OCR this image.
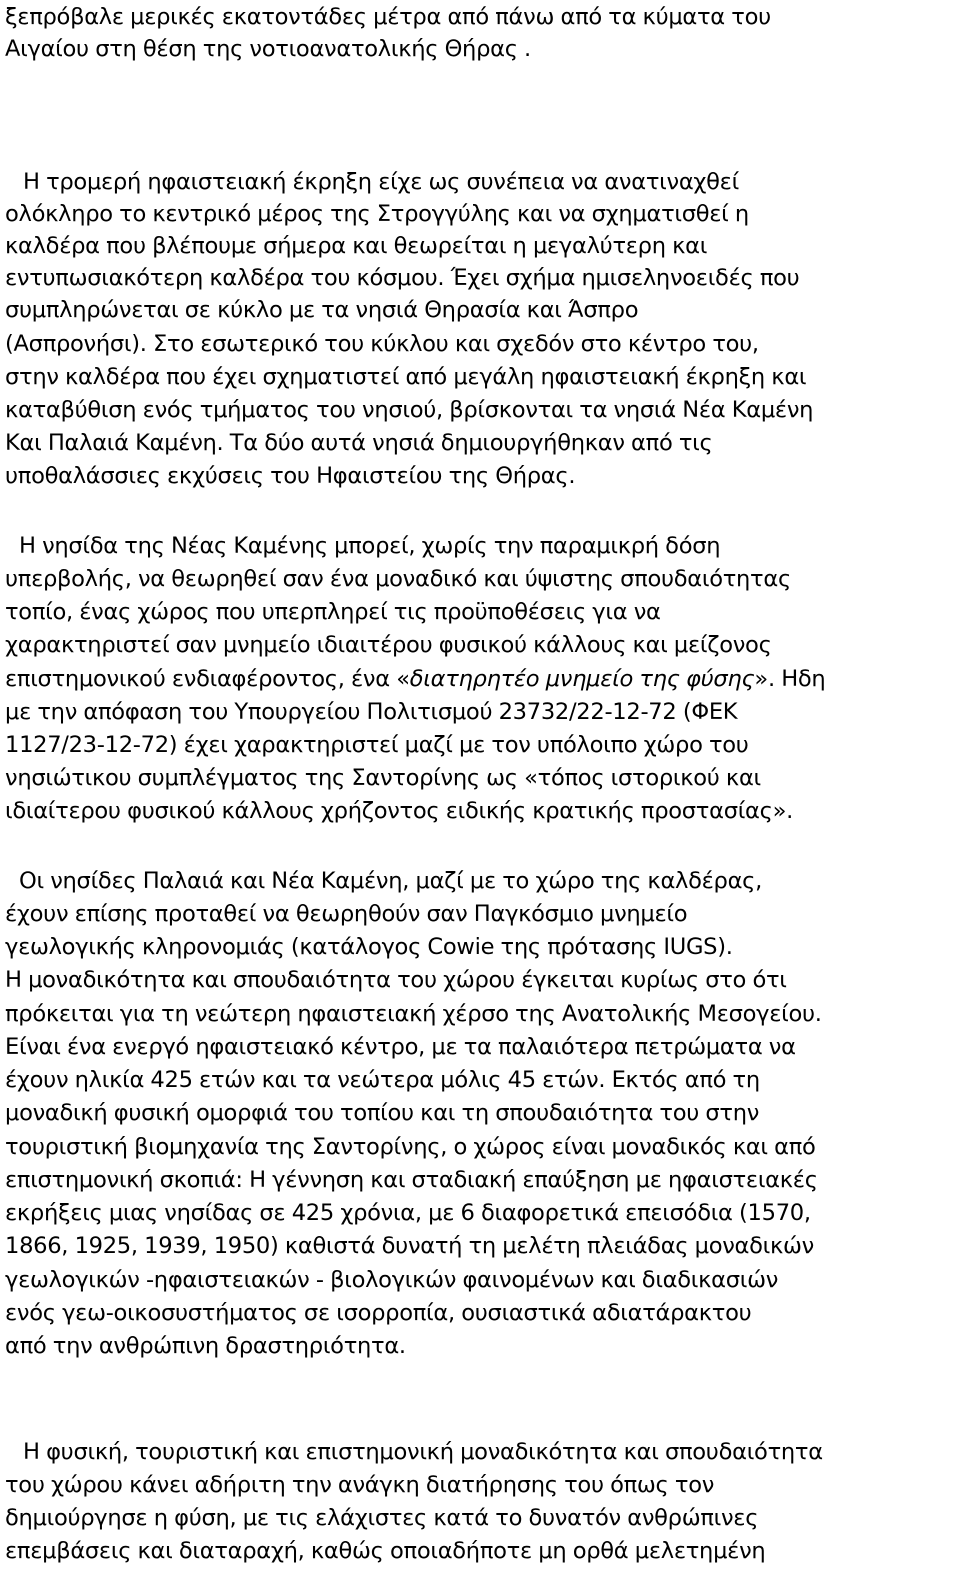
ξεπρόβαλε μερικές εκατοντάδες μέτρα από πάνω από τα κύματα του
Αιγαίου στη θέση της νοτιοανατολικής Θήρας .
Η τρομερή ηφαιστειακή έκρηξη είχε ως συνέπεια να ανατιναχθεί
ολόκληρο το κεντρικό μέρος της Στρογγύλης και να σχηματισθεί η
καλδέρα που βλέπουμε σήμερα και θεωρείται η μεγαλύτερη και
εντυπωσιακότερη καλδέρα του κόσμου. Έχει σχήμα ημισεληνοειδές που
συμπληρώνεται σε κύκλο με τα νησιά Θηρασία και Άσπρο
(Ασπρονήσι). Στο εσωτερικό του κύκλου και σχεδόν στο κέντρο του,
στην καλδέρα που έχει σχηματιστεί από μεγάλη ηφαιστειακή έκρηξη και
καταβύθιση ενός τμήματος του νησιού, βρίσκονται τα νησιά Νέα Καμένη
Και Παλαιά Καμένη. Τα δύο αυτά νησιά δημιουργήθηκαν από τις
υποθαλάσσιες εκχύσεις του Ηφαιστείου της Θήρας.
Η νησίδα της Νέας Καμένης μπορεί, χωρίς την παραμικρή δόση
υπερβολής, να θεωρηθεί σαν ένα μοναδικό και ύψιστης σπουδαιότητας
τοπίο, ένας χώρος που υπερπληρεί τις προϋποθέσεις για να
χαρακτηριστεί σαν μνημείο ιδιαιτέρου φυσικού κάλλους και μείζονος
επιστημονικού ενδιαφέροντος, ένα «διατηρητέο μνημείο της φύσης». Ηδη
με την απόφαση του Υπουργείου Πολιτισμού 23732/22-12-72 (ΦΕΚ
1127/23-12-72) έχει χαρακτηριστεί μαζί με τον υπόλοιπο χώρο του
νησιώτικου συμπλέγματος της Σαντορίνης ως «τόπος ιστορικού και
ιδιαίτερου φυσικού κάλλους χρήζοντος ειδικής κρατικής προστασίας».
Οι νησίδες Παλαιά και Νέα Καμένη, μαζί με το χώρο της καλδέρας,
έχουν επίσης προταθεί να θεωρηθούν σαν Παγκόσμιο μνημείο
γεωλογικής κληρονομιάς (κατάλογος Cowie της πρότασης IUGS).
Η μοναδικότητα και σπουδαιότητα του χώρου έγκειται κυρίως στο ότι
πρόκειται για τη νεώτερη ηφαιστειακή χέρσο της Ανατολικής Μεσογείου.
Είναι ένα ενεργό ηφαιστειακό κέντρο, με τα παλαιότερα πετρώματα να
έχουν ηλικία 425 ετών και τα νεώτερα μόλις 45 ετών. Εκτός από τη
μοναδική φυσική ομορφιά του τοπίου και τη σπουδαιότητα του στην
τουριστική βιομηχανία της Σαντορίνης, ο χώρος είναι μοναδικός και από
επιστημονική σκοπιά: Η γέννηση και σταδιακή επαύξηση με ηφαιστειακές
εκρήξεις μιας νησίδας σε 425 χρόνια, με 6 διαφορετικά επεισόδια (1570,
1866, 1925, 1939, 1950) καθιστά δυνατή τη μελέτη πλειάδας μοναδικών
γεωλογικών -ηφαιστειακών - βιολογικών φαινομένων και διαδικασιών
ενός γεω-οικοσυστήματος σε ισορροπία, ουσιαστικά αδιατάρακτου
από την ανθρώπινη δραστηριότητα.
Η φυσική, τουριστική και επιστημονική μοναδικότητα και σπουδαιότητα
του χώρου κάνει αδήριτη την ανάγκη διατήρησης του όπως τον
δημιούργησε η φύση, με τις ελάχιστες κατά το δυνατόν ανθρώπινες
επεμβάσεις και διαταραχή, καθώς οποιαδήποτε μη ορθά μελετημένη
